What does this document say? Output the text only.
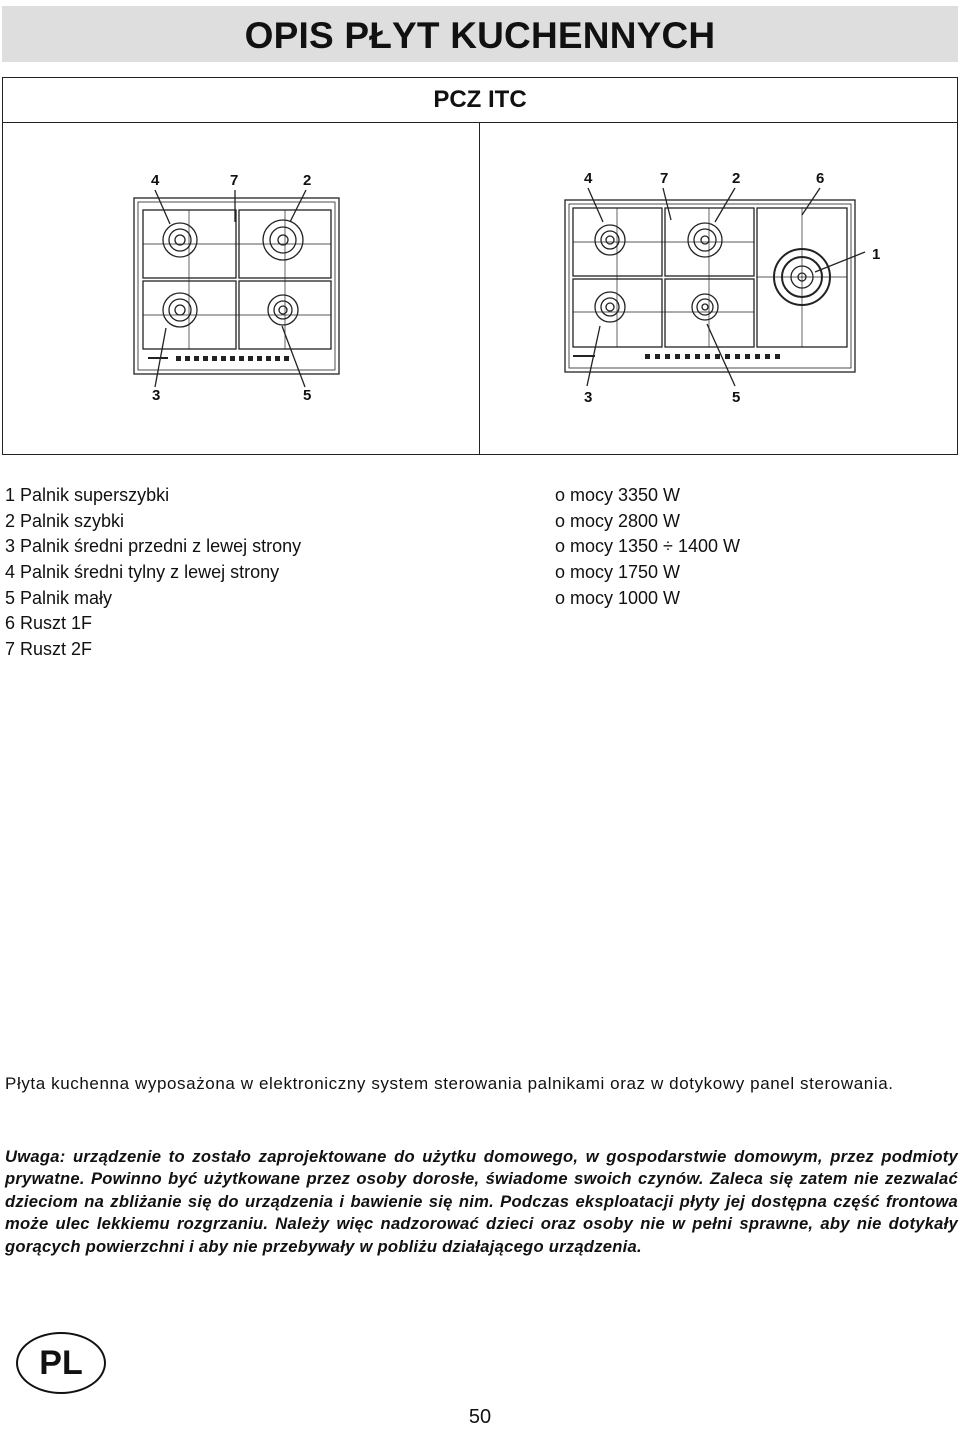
OPIS PŁYT KUCHENNYCH
PCZ ITC
4	7	2
3	5
4	7	2	6
1
3	5
1 Palnik superszybki	o mocy 3350 W
2 Palnik szybki	o mocy 2800 W
3 Palnik średni przedni z lewej strony	o mocy 1350 ÷ 1400 W
4 Palnik średni tylny z lewej strony	o mocy 1750 W
5 Palnik mały	o mocy 1000 W
6 Ruszt 1F
7 Ruszt 2F
Płyta kuchenna wyposażona w elektroniczny system sterowania palnikami oraz w dotykowy panel sterowania.
Uwaga: urządzenie to zostało zaprojektowane do użytku domowego, w gospodarstwie domowym, przez podmioty prywatne. Powinno być użytkowane przez osoby dorosłe, świadome swoich czynów. Zaleca się zatem nie zezwalać dzieciom na zbliżanie się do urządzenia i bawienie się nim. Podczas eksploatacji płyty jej dostępna część frontowa może ulec lekkiemu rozgrzaniu. Należy więc nadzorować dzieci oraz osoby nie w pełni sprawne, aby nie dotykały gorących powierzchni i aby nie przebywały w pobliżu działającego urządzenia.
PL
50
